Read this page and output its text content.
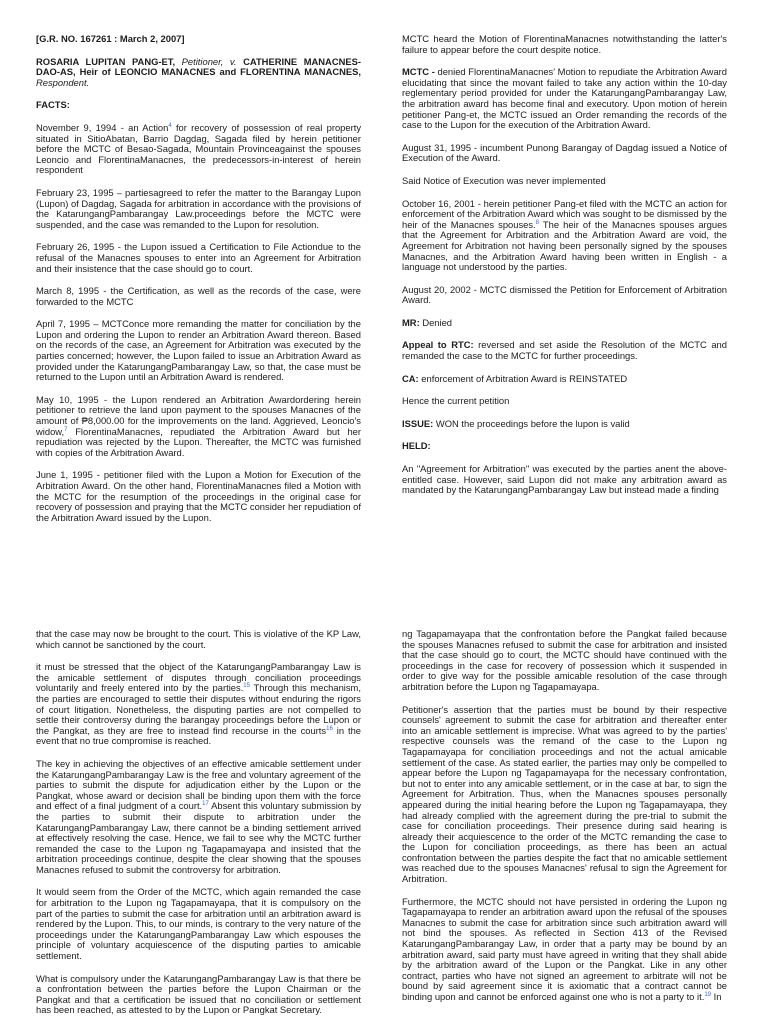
[G.R. NO. 167261 : March 2, 2007]

ROSARIA LUPITAN PANG-ET, Petitioner, v. CATHERINE MANACNES-DAO-AS, Heir of LEONCIO MANACNES and FLORENTINA MANACNES, Respondent.

FACTS:

November 9, 1994 - an Action$^4$ for recovery of possession of real property situated in SitioAbatan, Barrio Dagdag, Sagada filed by herein petitioner before the MCTC of Besao-Sagada, Mountain Provinceagainst the spouses Leoncio and FlorentinaManacnes, the predecessors-in-interest of herein respondent

February 23, 1995 – partiesagreed to refer the matter to the Barangay Lupon (Lupon) of Dagdag, Sagada for arbitration in accordance with the provisions of the KatarungangPambarangay Law.proceedings before the MCTC were suspended, and the case was remanded to the Lupon for resolution.

February 26, 1995 - the Lupon issued a Certification to File Actiondue to the refusal of the Manacnes spouses to enter into an Agreement for Arbitration and their insistence that the case should go to court.

March 8, 1995 - the Certification, as well as the records of the case, were forwarded to the MCTC

April 7, 1995 – MCTConce more remanding the matter for conciliation by the Lupon and ordering the Lupon to render an Arbitration Award thereon. Based on the records of the case, an Agreement for Arbitration was executed by the parties concerned; however, the Lupon failed to issue an Arbitration Award as provided under the KatarungangPambarangay Law, so that, the case must be returned to the Lupon until an Arbitration Award is rendered.

May 10, 1995 - the Lupon rendered an Arbitration Awardordering herein petitioner to retrieve the land upon payment to the spouses Manacnes of the amount of ₱8,000.00 for the improvements on the land. Aggrieved, Leoncio's widow,$^7$ FlorentinaManacnes, repudiated the Arbitration Award but her repudiation was rejected by the Lupon. Thereafter, the MCTC was furnished with copies of the Arbitration Award.

June 1, 1995 - petitioner filed with the Lupon a Motion for Execution of the Arbitration Award. On the other hand, FlorentinaManacnes filed a Motion with the MCTC for the resumption of the proceedings in the original case for recovery of possession and praying that the MCTC consider her repudiation of the Arbitration Award issued by the Lupon.

MCTC heard the Motion of FlorentinaManacnes notwithstanding the latter's failure to appear before the court despite notice.

MCTC - denied FlorentinaManacnes' Motion to repudiate the Arbitration Award elucidating that since the movant failed to take any action within the 10-day reglementary period provided for under the KatarungangPambarangay Law, the arbitration award has become final and executory. Upon motion of herein petitioner Pang-et, the MCTC issued an Order remanding the records of the case to the Lupon for the execution of the Arbitration Award.

August 31, 1995 - incumbent Punong Barangay of Dagdag issued a Notice of Execution of the Award.

Said Notice of Execution was never implemented

October 16, 2001 - herein petitioner Pang-et filed with the MCTC an action for enforcement of the Arbitration Award which was sought to be dismissed by the heir of the Manacnes spouses.$^8$ The heir of the Manacnes spouses argues that the Agreement for Arbitration and the Arbitration Award are void, the Agreement for Arbitration not having been personally signed by the spouses Manacnes, and the Arbitration Award having been written in English - a language not understood by the parties.

August 20, 2002 - MCTC dismissed the Petition for Enforcement of Arbitration Award.

MR: Denied

Appeal to RTC: reversed and set aside the Resolution of the MCTC and remanded the case to the MCTC for further proceedings.

CA: enforcement of Arbitration Award is REINSTATED

Hence the current petition

ISSUE: WON the proceedings before the lupon is valid

HELD:

An "Agreement for Arbitration" was executed by the parties anent the above-entitled case. However, said Lupon did not make any arbitration award as mandated by the KatarungangPambarangay Law but instead made a finding

that the case may now be brought to the court. This is violative of the KP Law, which cannot be sanctioned by the court.

it must be stressed that the object of the KatarungangPambarangay Law is the amicable settlement of disputes through conciliation proceedings voluntarily and freely entered into by the parties.$^{15}$ Through this mechanism, the parties are encouraged to settle their disputes without enduring the rigors of court litigation. Nonetheless, the disputing parties are not compelled to settle their controversy during the barangay proceedings before the Lupon or the Pangkat, as they are free to instead find recourse in the courts$^{16}$ in the event that no true compromise is reached.

The key in achieving the objectives of an effective amicable settlement under the KatarungangPambarangay Law is the free and voluntary agreement of the parties to submit the dispute for adjudication either by the Lupon or the Pangkat, whose award or decision shall be binding upon them with the force and effect of a final judgment of a court.$^{17}$ Absent this voluntary submission by the parties to submit their dispute to arbitration under the KatarungangPambarangay Law, there cannot be a binding settlement arrived at effectively resolving the case. Hence, we fail to see why the MCTC further remanded the case to the Lupon ng Tagapamayapa and insisted that the arbitration proceedings continue, despite the clear showing that the spouses Manacnes refused to submit the controversy for arbitration.

It would seem from the Order of the MCTC, which again remanded the case for arbitration to the Lupon ng Tagapamayapa, that it is compulsory on the part of the parties to submit the case for arbitration until an arbitration award is rendered by the Lupon. This, to our minds, is contrary to the very nature of the proceedings under the KatarungangPambarangay Law which espouses the principle of voluntary acquiescence of the disputing parties to amicable settlement.

What is compulsory under the KatarungangPambarangay Law is that there be a confrontation between the parties before the Lupon Chairman or the Pangkat and that a certification be issued that no conciliation or settlement has been reached, as attested to by the Lupon or Pangkat Secretary.

ng Tagapamayapa that the confrontation before the Pangkat failed because the spouses Manacnes refused to submit the case for arbitration and insisted that the case should go to court, the MCTC should have continued with the proceedings in the case for recovery of possession which it suspended in order to give way for the possible amicable resolution of the case through arbitration before the Lupon ng Tagapamayapa.

Petitioner's assertion that the parties must be bound by their respective counsels' agreement to submit the case for arbitration and thereafter enter into an amicable settlement is imprecise. What was agreed to by the parties' respective counsels was the remand of the case to the Lupon ng Tagapamayapa for conciliation proceedings and not the actual amicable settlement of the case. As stated earlier, the parties may only be compelled to appear before the Lupon ng Tagapamayapa for the necessary confrontation, but not to enter into any amicable settlement, or in the case at bar, to sign the Agreement for Arbitration. Thus, when the Manacnes spouses personally appeared during the initial hearing before the Lupon ng Tagapamayapa, they had already complied with the agreement during the pre-trial to submit the case for conciliation proceedings. Their presence during said hearing is already their acquiescence to the order of the MCTC remanding the case to the Lupon for conciliation proceedings, as there has been an actual confrontation between the parties despite the fact that no amicable settlement was reached due to the spouses Manacnes' refusal to sign the Agreement for Arbitration.

Furthermore, the MCTC should not have persisted in ordering the Lupon ng Tagapamayapa to render an arbitration award upon the refusal of the spouses Manacnes to submit the case for arbitration since such arbitration award will not bind the spouses. As reflected in Section 413 of the Revised KatarungangPambarangay Law, in order that a party may be bound by an arbitration award, said party must have agreed in writing that they shall abide by the arbitration award of the Lupon or the Pangkat. Like in any other contract, parties who have not signed an agreement to arbitrate will not be bound by said agreement since it is axiomatic that a contract cannot be binding upon and cannot be enforced against one who is not a party to it.$^{19}$ In
